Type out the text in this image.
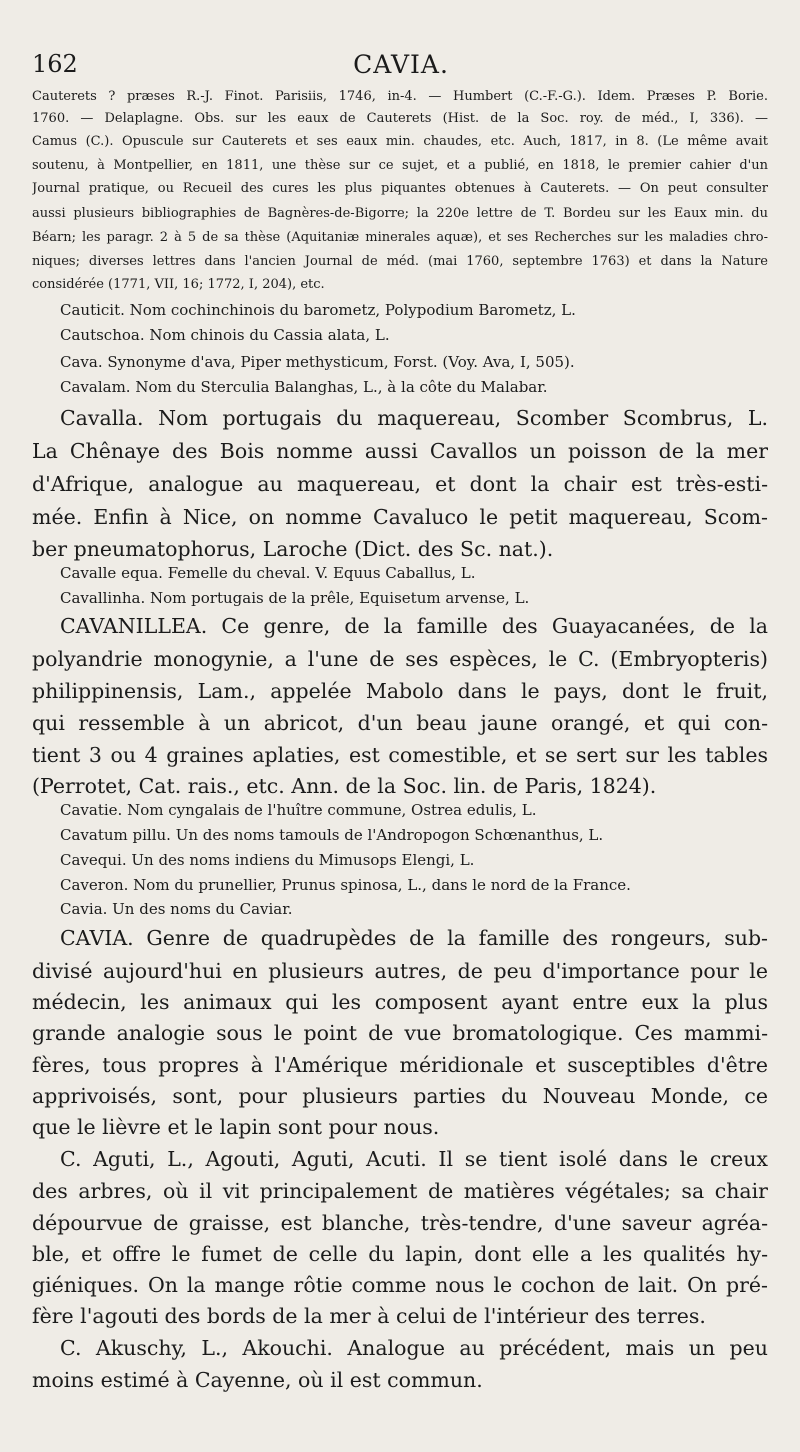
162	CAVIA.

Cauterets ? præses R.-J. Finot. Parisiis, 1746, in-4. — Humbert (C.-F.-G.). Idem. Præses P. Borie.

1760. — Delaplagne. Obs. sur les eaux de Cauterets (Hist. de la Soc. roy. de méd., I, 336). —

Camus (C.). Opuscule sur Cauterets et ses eaux min. chaudes, etc. Auch, 1817, in 8. (Le même avait

soutenu, à Montpellier, en 1811, une thèse sur ce sujet, et a publié, en 1818, le premier cahier d'un

Journal pratique, ou Recueil des cures les plus piquantes obtenues à Cauterets. — On peut consulter

aussi plusieurs bibliographies de Bagnères-de-Bigorre; la 220e lettre de T. Bordeu sur les Eaux min. du

Béarn; les paragr. 2 à 5 de sa thèse (Aquitaniæ minerales aquæ), et ses Recherches sur les maladies chro-

niques; diverses lettres dans l'ancien Journal de méd. (mai 1760, septembre 1763) et dans la Nature

considérée (1771, VII, 16; 1772, I, 204), etc.

Cauticit. Nom cochinchinois du barometz, Polypodium Barometz, L.

Cautschoa. Nom chinois du Cassia alata, L.

Cava. Synonyme d'ava, Piper methysticum, Forst. (Voy. Ava, I, 505).

Cavalam. Nom du Sterculia Balanghas, L., à la côte du Malabar.

Cavalla. Nom portugais du maquereau, Scomber Scombrus, L.

La Chênaye des Bois nomme aussi Cavallos un poisson de la mer

d'Afrique, analogue au maquereau, et dont la chair est très-esti-

mée. Enfin à Nice, on nomme Cavaluco le petit maquereau, Scom-

ber pneumatophorus, Laroche (Dict. des Sc. nat.).

Cavalle equa. Femelle du cheval. V. Equus Caballus, L.

Cavallinha. Nom portugais de la prêle, Equisetum arvense, L.

CAVANILLEA. Ce genre, de la famille des Guayacanées, de la

polyandrie monogynie, a l'une de ses espèces, le C. (Embryopteris)

philippinensis, Lam., appelée Mabolo dans le pays, dont le fruit,

qui ressemble à un abricot, d'un beau jaune orangé, et qui con-

tient 3 ou 4 graines aplaties, est comestible, et se sert sur les tables

(Perrotet, Cat. rais., etc. Ann. de la Soc. lin. de Paris, 1824).

Cavatie. Nom cyngalais de l'huître commune, Ostrea edulis, L.

Cavatum pillu. Un des noms tamouls de l'Andropogon Schœnanthus, L.

Cavequi. Un des noms indiens du Mimusops Elengi, L.

Caveron. Nom du prunellier, Prunus spinosa, L., dans le nord de la France.

Cavia. Un des noms du Caviar.

CAVIA. Genre de quadrupèdes de la famille des rongeurs, sub-

divisé aujourd'hui en plusieurs autres, de peu d'importance pour le

médecin, les animaux qui les composent ayant entre eux la plus

grande analogie sous le point de vue bromatologique. Ces mammi-

fères, tous propres à l'Amérique méridionale et susceptibles d'être

apprivoisés, sont, pour plusieurs parties du Nouveau Monde, ce

que le lièvre et le lapin sont pour nous.

C. Aguti, L., Agouti, Aguti, Acuti. Il se tient isolé dans le creux

des arbres, où il vit principalement de matières végétales; sa chair

dépourvue de graisse, est blanche, très-tendre, d'une saveur agréa-

ble, et offre le fumet de celle du lapin, dont elle a les qualités hy-

giéniques. On la mange rôtie comme nous le cochon de lait. On pré-

fère l'agouti des bords de la mer à celui de l'intérieur des terres.

C. Akuschy, L., Akouchi. Analogue au précédent, mais un peu

moins estimé à Cayenne, où il est commun.
